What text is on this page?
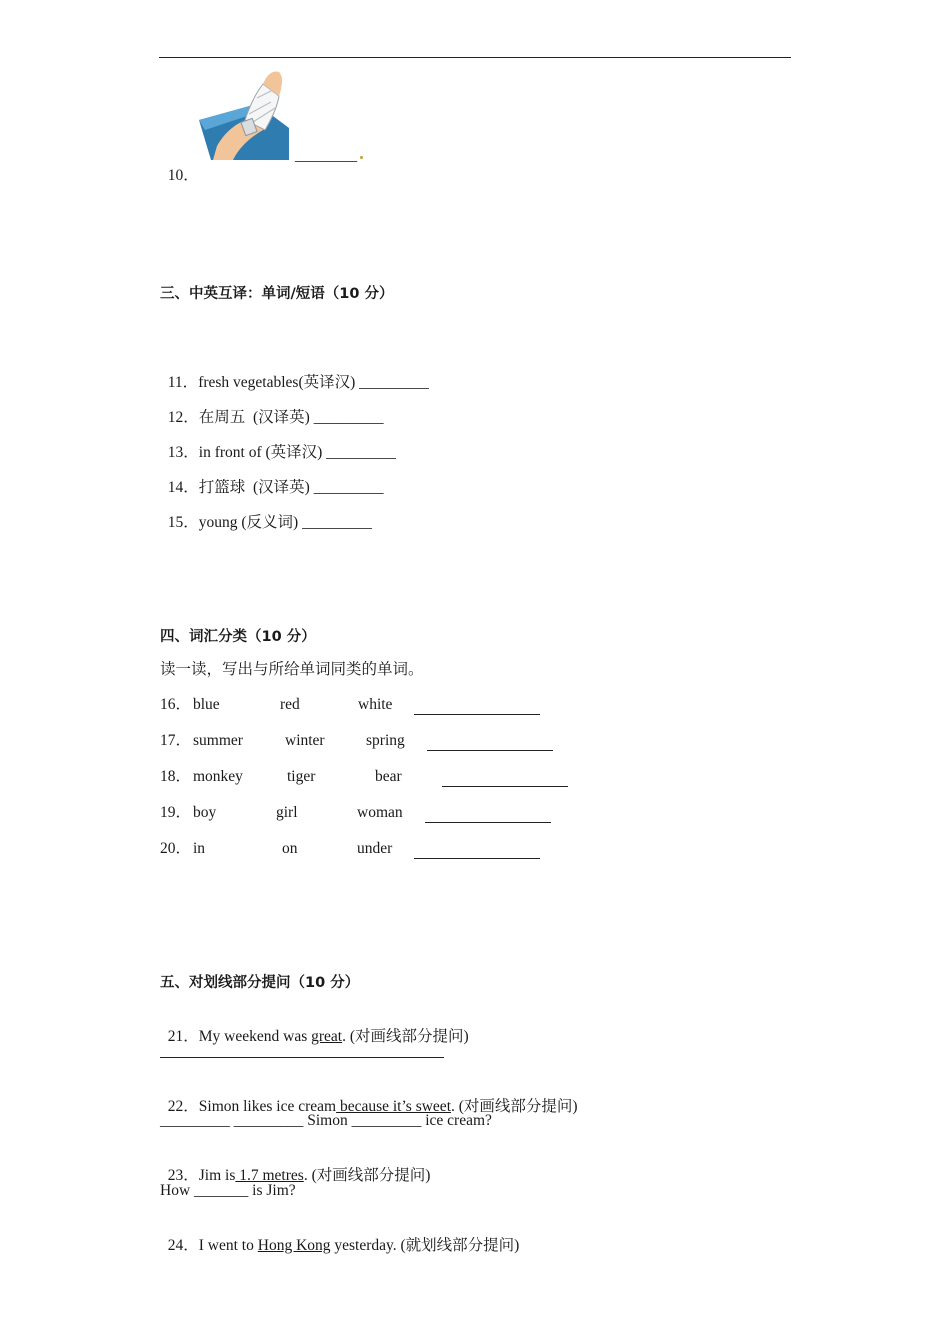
10．

________
三、中英互译：单词/短语（10 分）

11．fresh vegetables(英译汉) _________

12．在周五  (汉译英) _________

13．in front of (英译汉) _________

14．打篮球  (汉译英) _________

15．young (反义词) _________

四、词汇分类（10 分）
读一读，写出与所给单词同类的单词。
16． blue	red	white
17． summer	winter	spring
18． monkey	tiger	bear
19． boy	girl	woman
20． in	on	under
五、对划线部分提问（10 分）

21．My weekend was great. (对画线部分提问)

22．Simon likes ice cream because it’s sweet. (对画线部分提问)

_________ _________ Simon _________ ice cream?

23．Jim is 1.7 metres. (对画线部分提问)

How _______ is Jim?

24．I went to Hong Kong yesterday. (就划线部分提问)
